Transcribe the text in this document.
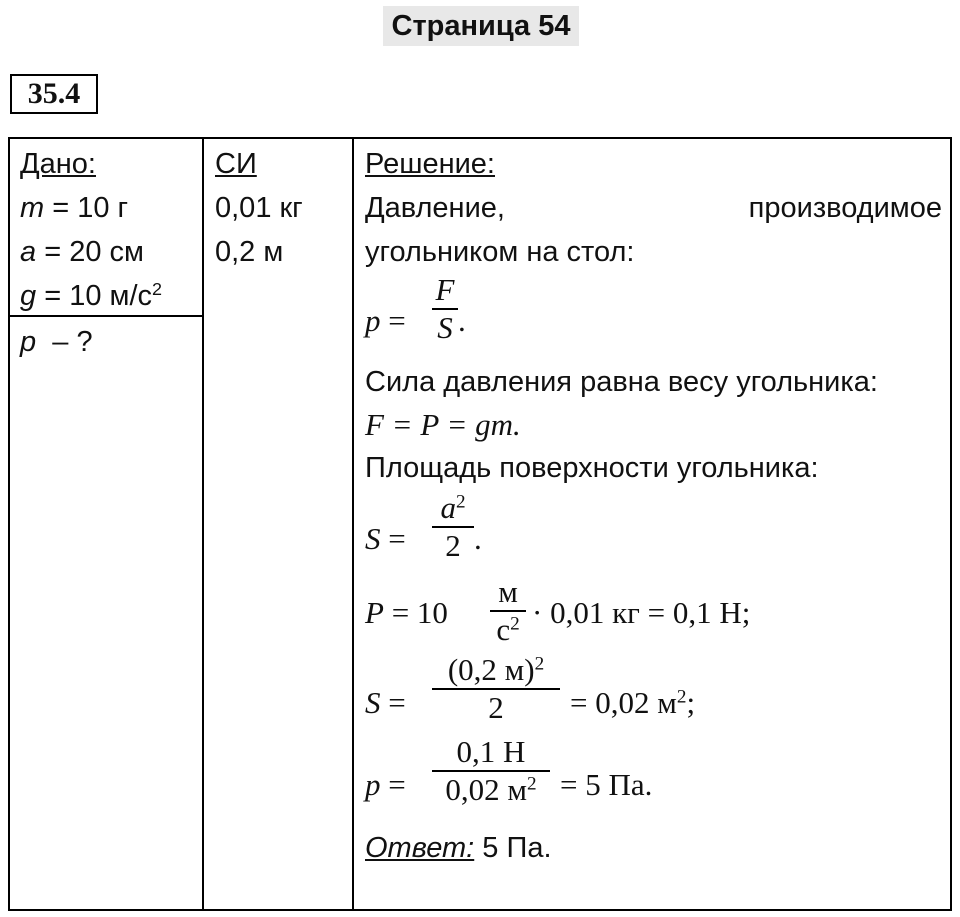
Страница 54
35.4
Дано:
m = 10 г
a = 20 см
g = 10 $м/с^2$
p  – ?
СИ
0,01 кг
0,2 м
Решение:
Давление,	производимое
угольником на стол:
p =
F
S .
Сила давления равна весу угольника:
F = P = gm.
Площадь поверхности угольника:
S =
$a^2$
2 .
P = 10
м
$с^2 \cdot 0,01$ кг = 0,1 Н;
S =
(0,2 м)$^2$
2	= 0,02 $м^2$;
p =
0,1 Н
0,02 $м^2 = 5$ Па.
Ответ: 5 Па.
